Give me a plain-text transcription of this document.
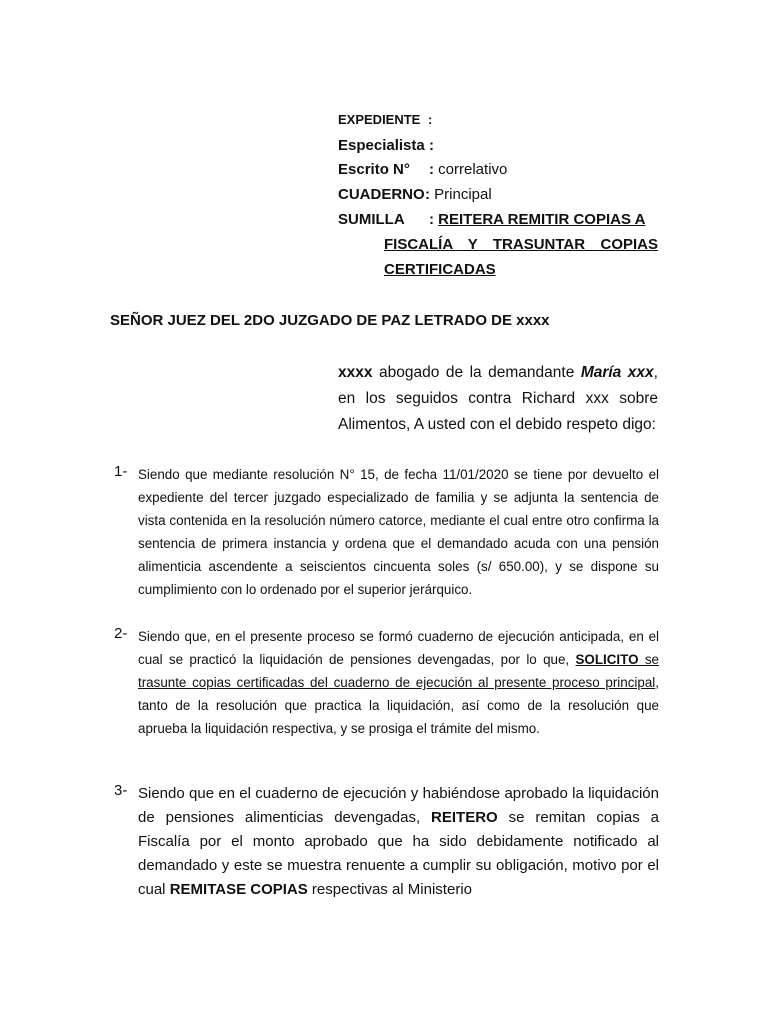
EXPEDIENTE :
Especialista :
Escrito N° : correlativo
CUADERNO: Principal
SUMILLA : REITERA REMITIR COPIAS A
FISCALÍA Y TRASUNTAR COPIAS
CERTIFICADAS
SEÑOR JUEZ DEL 2DO JUZGADO DE PAZ LETRADO DE xxxx
xxxx abogado de la demandante María xxx, en los seguidos contra Richard xxx sobre Alimentos, A usted con el debido respeto digo:
1- Siendo que mediante resolución N° 15, de fecha 11/01/2020 se tiene por devuelto el expediente del tercer juzgado especializado de familia y se adjunta la sentencia de vista contenida en la resolución número catorce, mediante el cual entre otro confirma la sentencia de primera instancia y ordena que el demandado acuda con una pensión alimenticia ascendente a seiscientos cincuenta soles (s/ 650.00), y se dispone su cumplimiento con lo ordenado por el superior jerárquico.
2- Siendo que, en el presente proceso se formó cuaderno de ejecución anticipada, en el cual se practicó la liquidación de pensiones devengadas, por lo que, SOLICITO se trasunte copias certificadas del cuaderno de ejecución al presente proceso principal, tanto de la resolución que practica la liquidación, así como de la resolución que aprueba la liquidación respectiva, y se prosiga el trámite del mismo.
3- Siendo que en el cuaderno de ejecución y habiéndose aprobado la liquidación de pensiones alimenticias devengadas, REITERO se remitan copias a Fiscalía por el monto aprobado que ha sido debidamente notificado al demandado y este se muestra renuente a cumplir su obligación, motivo por el cual REMITASE COPIAS respectivas al Ministerio
